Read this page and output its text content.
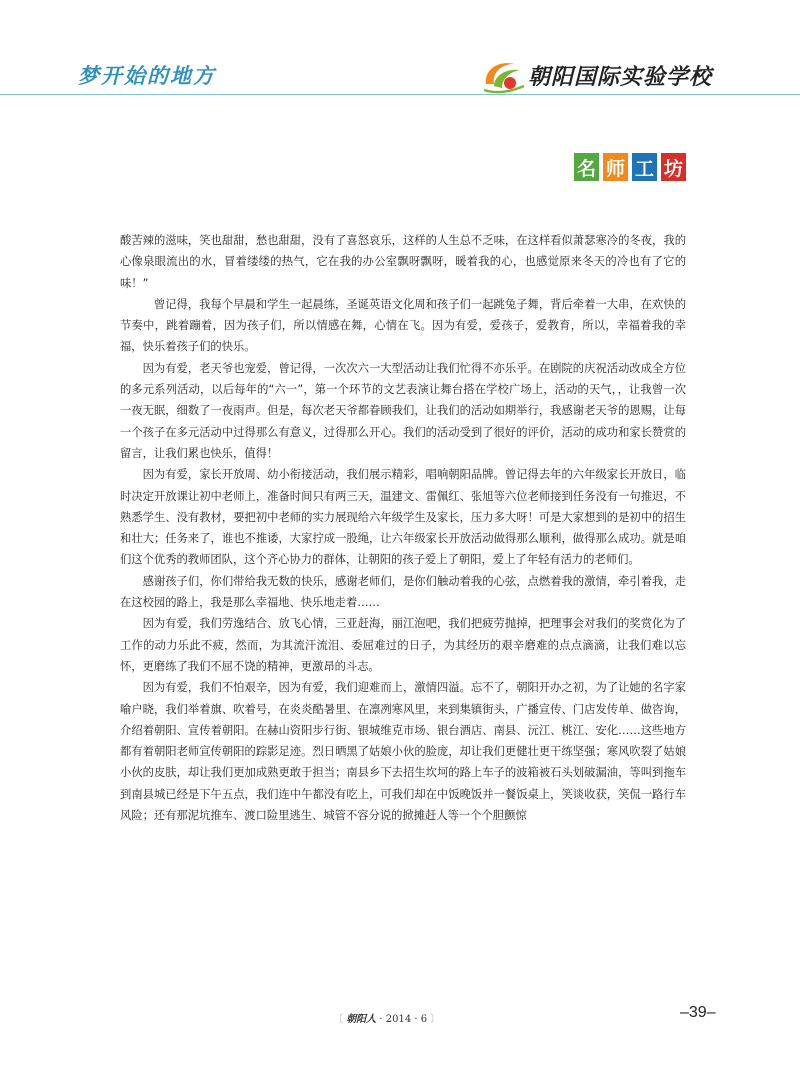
梦开始的地方	朝阳国际实验学校
名 师 工 坊

酸苦辣的滋味，笑也甜甜，愁也甜甜，没有了喜怒哀乐，这样的人生总不乏味，在这样看似萧瑟寒冷的冬夜，我的心像泉眼流出的水，冒着缕缕的热气，它在我的办公室飘呀飘呀，暖着我的心，也感觉原来冬天的冷也有了它的味！”

曾记得，我每个早晨和学生一起晨练，圣诞英语文化周和孩子们一起跳兔子舞，背后牵着一大串，在欢快的节奏中，跳着蹦着，因为孩子们，所以情感在舞，心情在飞。因为有爱，爱孩子，爱教育，所以，幸福着我的幸福，快乐着孩子们的快乐。

因为有爱，老天爷也宠爱，曾记得，一次次六一大型活动让我们忙得不亦乐乎。在剧院的庆祝活动改成全方位的多元系列活动，以后每年的“六一”，第一个环节的文艺表演让舞台搭在学校广场上，活动的天气，，让我曾一次一夜无眠，细数了一夜雨声。但是，每次老天爷都眷顾我们，让我们的活动如期举行，我感谢老天爷的恩赐，让每一个孩子在多元活动中过得那么有意义，过得那么开心。我们的活动受到了很好的评价，活动的成功和家长赞赏的留言，让我们累也快乐，值得！

因为有爱，家长开放周、幼小衔接活动，我们展示精彩，唱响朝阳品牌。曾记得去年的六年级家长开放日，临时决定开放课让初中老师上，准备时间只有两三天，温建文、雷佩红、张旭等六位老师接到任务没有一句推迟，不熟悉学生、没有教材，要把初中老师的实力展现给六年级学生及家长，压力多大呀！可是大家想到的是初中的招生和壮大；任务来了，谁也不推诿，大家拧成一股绳，让六年级家长开放活动做得那么顺利，做得那么成功。就是咱们这个优秀的教师团队，这个齐心协力的群体，让朝阳的孩子爱上了朝阳，爱上了年轻有活力的老师们。

感谢孩子们，你们带给我无数的快乐，感谢老师们，是你们触动着我的心弦，点燃着我的激情，牵引着我，走在这校园的路上，我是那么幸福地、快乐地走着……

因为有爱，我们劳逸结合、放飞心情，三亚赶海，丽江泡吧，我们把疲劳抛掉，把理事会对我们的奖赏化为了工作的动力乐此不疲，然而，为其流汗流泪、委屈难过的日子，为其经历的艰辛磨难的点点滴滴，让我们难以忘怀，更磨练了我们不屈不饶的精神，更激昂的斗志。

因为有爱，我们不怕艰辛，因为有爱，我们迎难而上，激情四溢。忘不了，朝阳开办之初，为了让她的名字家喻户晓，我们举着旗、吹着号，在炎炎酷暑里、在凛冽寒风里，来到集镇街头，广播宣传、门店发传单、做咨询，介绍着朝阳、宣传着朝阳。在赫山资阳步行街、银城维克市场、银台酒店、南县、沅江、桃江、安化……这些地方都有着朝阳老师宣传朝阳的踪影足迹。烈日晒黑了姑娘小伙的脸庞，却让我们更健壮更干练坚强；寒风吹裂了姑娘小伙的皮肤，却让我们更加成熟更敢于担当；南县乡下去招生坎坷的路上车子的波箱被石头划破漏油，等叫到拖车到南县城已经是下午五点，我们连中午都没有吃上，可我们却在中饭晚饭并一餐饭桌上，笑谈收获，笑侃一路行车风险；还有那泥坑推车、渡口险里逃生、城管不容分说的掀摊赶人等一个个胆颤惊

〔 朝阳人 · 2014 · 6 〕	–39–
